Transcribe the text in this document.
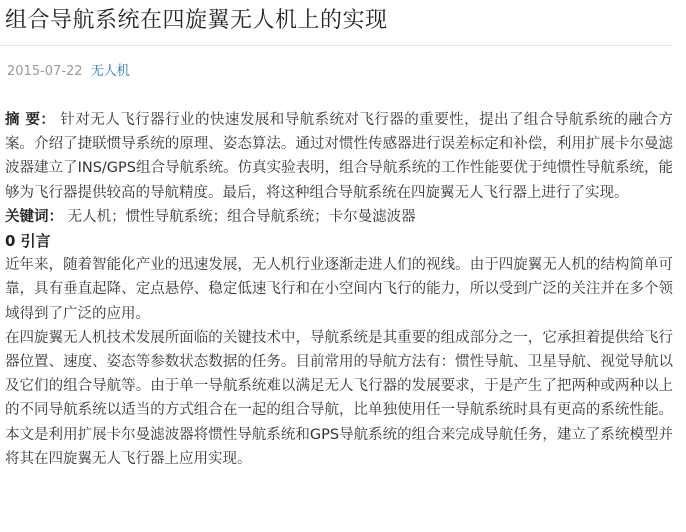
组合导航系统在四旋翼无人机上的实现
2015-07-22 无人机

摘 要： 针对无人飞行器行业的快速发展和导航系统对飞行器的重要性，提出了组合导航系统的融合方案。介绍了捷联惯导系统的原理、姿态算法。通过对惯性传感器进行误差标定和补偿，利用扩展卡尔曼滤波器建立了INS/GPS组合导航系统。仿真实验表明，组合导航系统的工作性能要优于纯惯性导航系统，能够为飞行器提供较高的导航精度。最后，将这种组合导航系统在四旋翼无人飞行器上进行了实现。

关键词： 无人机；惯性导航系统；组合导航系统；卡尔曼滤波器

0 引言

近年来，随着智能化产业的迅速发展，无人机行业逐渐走进人们的视线。由于四旋翼无人机的结构简单可靠，具有垂直起降、定点悬停、稳定低速飞行和在小空间内飞行的能力，所以受到广泛的关注并在多个领域得到了广泛的应用。

在四旋翼无人机技术发展所面临的关键技术中，导航系统是其重要的组成部分之一，它承担着提供给飞行器位置、速度、姿态等参数状态数据的任务。目前常用的导航方法有：惯性导航、卫星导航、视觉导航以及它们的组合导航等。由于单一导航系统难以满足无人飞行器的发展要求，于是产生了把两种或两种以上的不同导航系统以适当的方式组合在一起的组合导航，比单独使用任一导航系统时具有更高的系统性能。本文是利用扩展卡尔曼滤波器将惯性导航系统和GPS导航系统的组合来完成导航任务，建立了系统模型并将其在四旋翼无人飞行器上应用实现。
